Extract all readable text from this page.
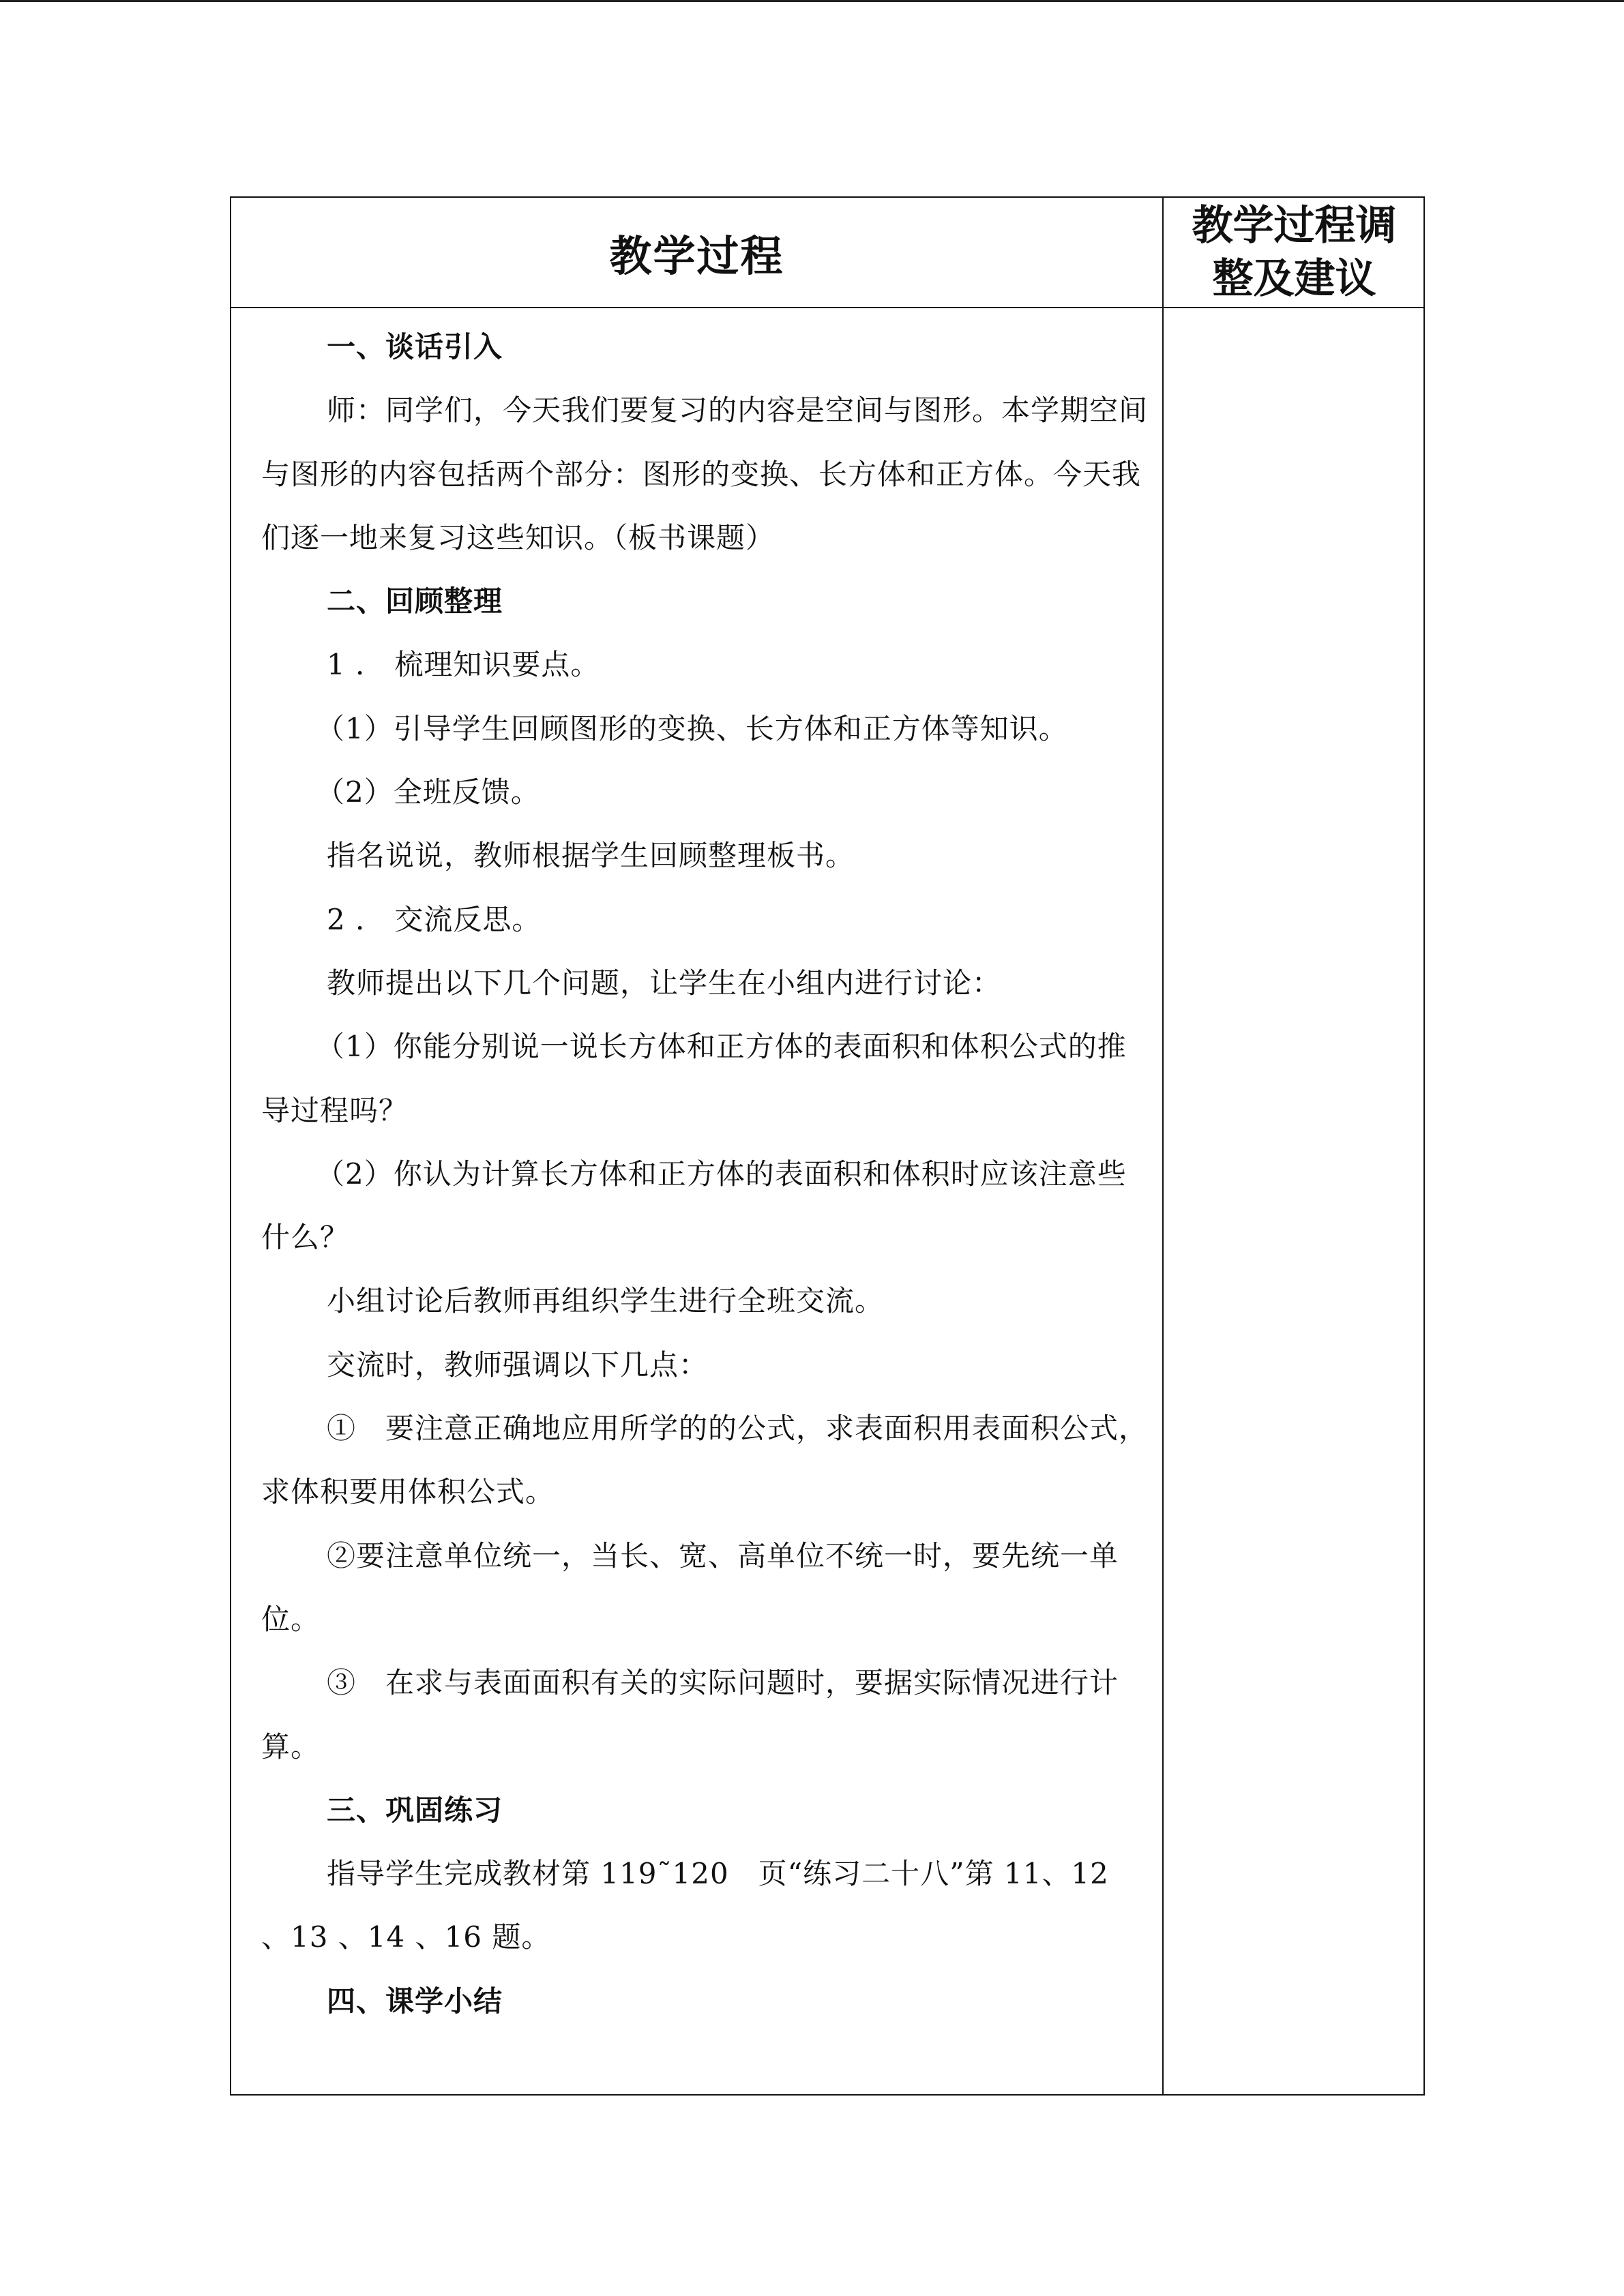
教学过程
教学过程调整及建议

一、谈话引入

师：同学们，今天我们要复习的内容是空间与图形。本学期空间与图形的内容包括两个部分：图形的变换、长方体和正方体。今天我们逐一地来复习这些知识。（板书课题）

二、回顾整理

1 ． 梳理知识要点。

（1）引导学生回顾图形的变换、长方体和正方体等知识。

（2）全班反馈。

指名说说，教师根据学生回顾整理板书。

2 ． 交流反思。

教师提出以下几个问题，让学生在小组内进行讨论：

（1）你能分别说一说长方体和正方体的表面积和体积公式的推导过程吗？

（2）你认为计算长方体和正方体的表面积和体积时应该注意些什么？

小组讨论后教师再组织学生进行全班交流。

交流时，教师强调以下几点：

①　要注意正确地应用所学的的公式，求表面积用表面积公式，求体积要用体积公式。

②要注意单位统一，当长、宽、高单位不统一时，要先统一单位。

③　在求与表面面积有关的实际问题时，要据实际情况进行计算。

三、巩固练习

指导学生完成教材第 119˜120　页“练习二十八”第 11、12 、13 、14 、16 题。

四、课学小结
